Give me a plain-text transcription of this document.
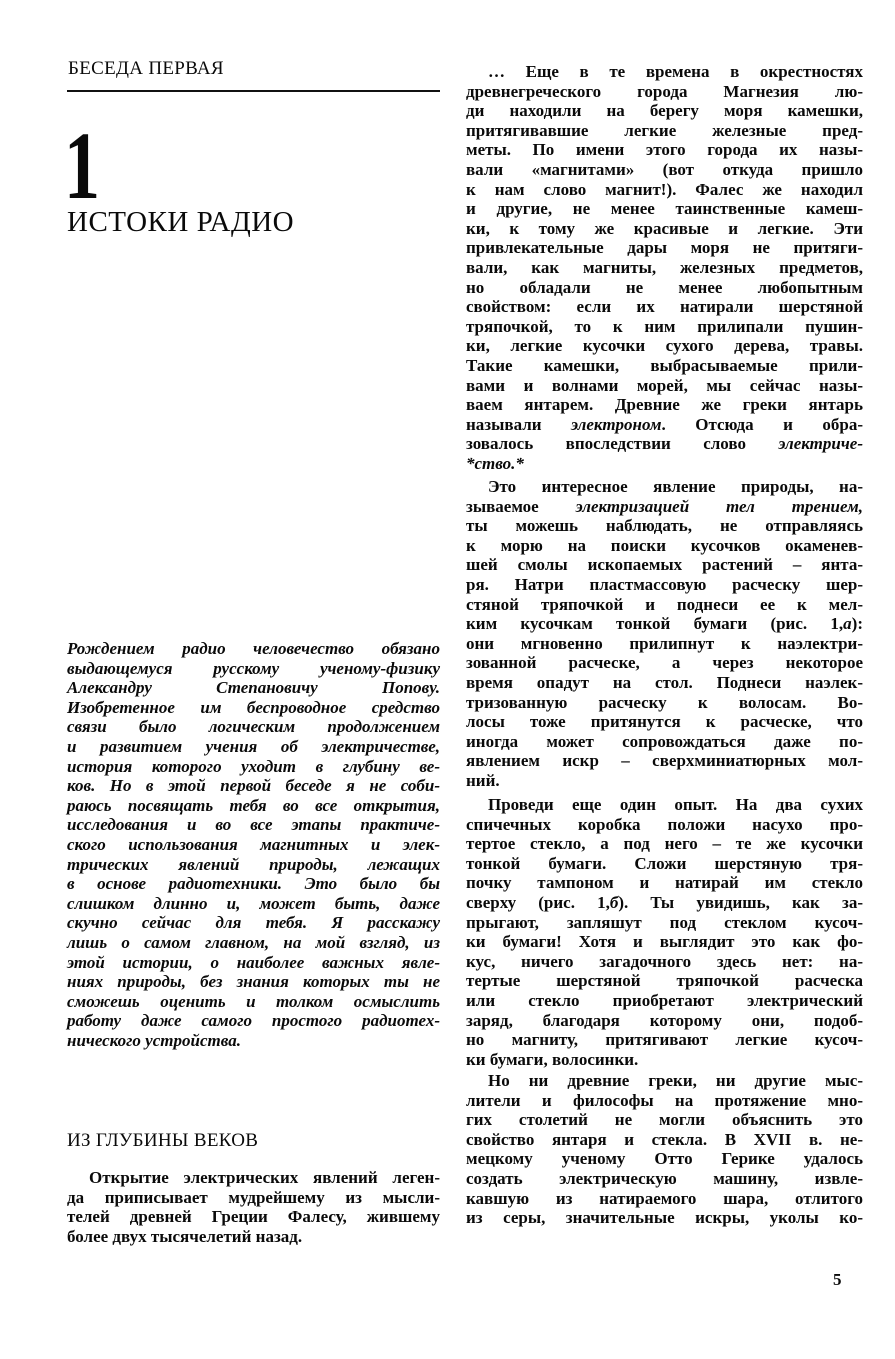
БЕСЕДА ПЕРВАЯ
1
ИСТОКИ РАДИО
Рождением радио человечество обязано
выдающемуся русскому ученому-физику
Александру Степановичу Попову.
Изобретенное им беспроводное средство
связи было логическим продолжением
и развитием учения об электричестве,
история которого уходит в глубину ве-
ков. Но в этой первой беседе я не соби-
раюсь посвящать тебя во все открытия,
исследования и во все этапы практиче-
ского использования магнитных и элек-
трических явлений природы, лежащих
в основе радиотехники. Это было бы
слишком длинно и, может быть, даже
скучно сейчас для тебя. Я расскажу
лишь о самом главном, на мой взгляд, из
этой истории, о наиболее важных явле-
ниях природы, без знания которых ты не
сможешь оценить и толком осмыслить
работу даже самого простого радиотех-
нического устройства.
ИЗ ГЛУБИНЫ ВЕКОВ
Открытие электрических явлений леген-
да приписывает мудрейшему из мысли-
телей древней Греции Фалесу, жившему
более двух тысячелетий назад.
… Еще в те времена в окрестностях
древнегреческого города Магнезия лю-
ди находили на берегу моря камешки,
притягивавшие легкие железные пред-
меты. По имени этого города их назы-
вали «магнитами» (вот откуда пришло
к нам слово магнит!). Фалес же находил
и другие, не менее таинственные камеш-
ки, к тому же красивые и легкие. Эти
привлекательные дары моря не притяги-
вали, как магниты, железных предметов,
но обладали не менее любопытным
свойством: если их натирали шерстяной
тряпочкой, то к ним прилипали пушин-
ки, легкие кусочки сухого дерева, травы.
Такие камешки, выбрасываемые прили-
вами и волнами морей, мы сейчас назы-
ваем янтарем. Древние же греки янтарь
называли электроном. Отсюда и обра-
зовалось впоследствии слово электриче-
*ство.*
Это интересное явление природы, на-
зываемое электризацией тел трением,
ты можешь наблюдать, не отправляясь
к морю на поиски кусочков окаменев-
шей смолы ископаемых растений – янта-
ря. Натри пластмассовую расческу шер-
стяной тряпочкой и поднеси ее к мел-
ким кусочкам тонкой бумаги (рис. 1,а):
они мгновенно прилипнут к наэлектри-
зованной расческе, а через некоторое
время опадут на стол. Поднеси наэлек-
тризованную расческу к волосам. Во-
лосы тоже притянутся к расческе, что
иногда может сопровождаться даже по-
явлением искр – сверхминиатюрных мол-
ний.
Проведи еще один опыт. На два сухих
спичечных коробка положи насухо про-
тертое стекло, а под него – те же кусочки
тонкой бумаги. Сложи шерстяную тря-
почку тампоном и натирай им стекло
сверху (рис. 1,б). Ты увидишь, как за-
прыгают, запляшут под стеклом кусоч-
ки бумаги! Хотя и выглядит это как фо-
кус, ничего загадочного здесь нет: на-
тертые шерстяной тряпочкой расческа
или стекло приобретают электрический
заряд, благодаря которому они, подоб-
но магниту, притягивают легкие кусоч-
ки бумаги, волосинки.
Но ни древние греки, ни другие мыс-
лители и философы на протяжение мно-
гих столетий не могли объяснить это
свойство янтаря и стекла. В XVII в. не-
мецкому ученому Отто Герике удалось
создать электрическую машину, извле-
кавшую из натираемого шара, отлитого
из серы, значительные искры, уколы ко-
5
